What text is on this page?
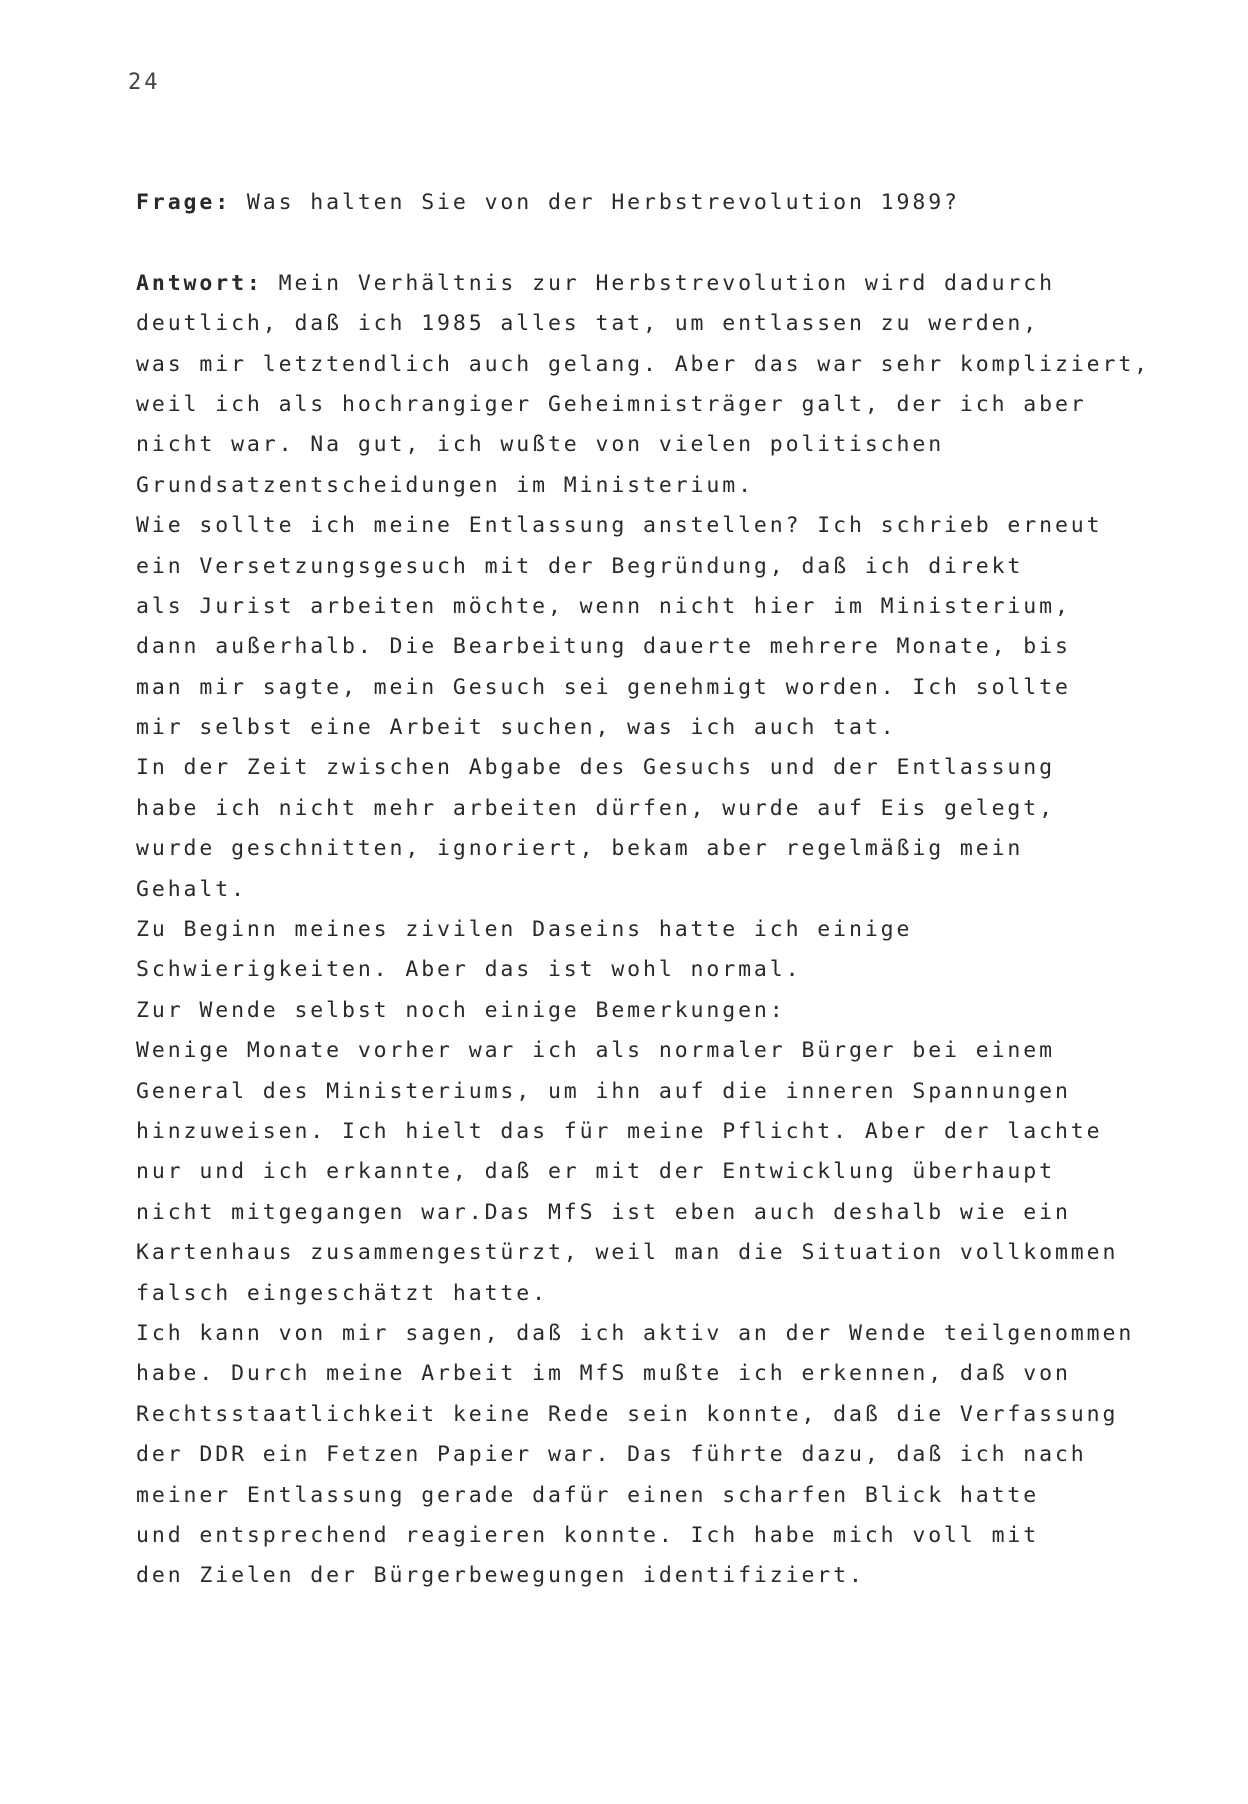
24
Frage: Was halten Sie von der Herbstrevolution 1989?
Antwort: Mein Verhältnis zur Herbstrevolution wird dadurch
deutlich, daß ich 1985 alles tat, um entlassen zu werden,
was mir letztendlich auch gelang. Aber das war sehr kompliziert,
weil ich als hochrangiger Geheimnisträger galt, der ich aber
nicht war. Na gut, ich wußte von vielen politischen
Grundsatzentscheidungen im Ministerium.
Wie sollte ich meine Entlassung anstellen? Ich schrieb erneut
ein Versetzungsgesuch mit der Begründung, daß ich direkt
als Jurist arbeiten möchte, wenn nicht hier im Ministerium,
dann außerhalb. Die Bearbeitung dauerte mehrere Monate, bis
man mir sagte, mein Gesuch sei genehmigt worden. Ich sollte
mir selbst eine Arbeit suchen, was ich auch tat.
In der Zeit zwischen Abgabe des Gesuchs und der Entlassung
habe ich nicht mehr arbeiten dürfen, wurde auf Eis gelegt,
wurde geschnitten, ignoriert, bekam aber regelmäßig mein
Gehalt.
Zu Beginn meines zivilen Daseins hatte ich einige
Schwierigkeiten. Aber das ist wohl normal.
Zur Wende selbst noch einige Bemerkungen:
Wenige Monate vorher war ich als normaler Bürger bei einem
General des Ministeriums, um ihn auf die inneren Spannungen
hinzuweisen. Ich hielt das für meine Pflicht. Aber der lachte
nur und ich erkannte, daß er mit der Entwicklung überhaupt
nicht mitgegangen war.Das MfS ist eben auch deshalb wie ein
Kartenhaus zusammengestürzt, weil man die Situation vollkommen
falsch eingeschätzt hatte.
Ich kann von mir sagen, daß ich aktiv an der Wende teilgenommen
habe. Durch meine Arbeit im MfS mußte ich erkennen, daß von
Rechtsstaatlichkeit keine Rede sein konnte, daß die Verfassung
der DDR ein Fetzen Papier war. Das führte dazu, daß ich nach
meiner Entlassung gerade dafür einen scharfen Blick hatte
und entsprechend reagieren konnte. Ich habe mich voll mit
den Zielen der Bürgerbewegungen identifiziert.
